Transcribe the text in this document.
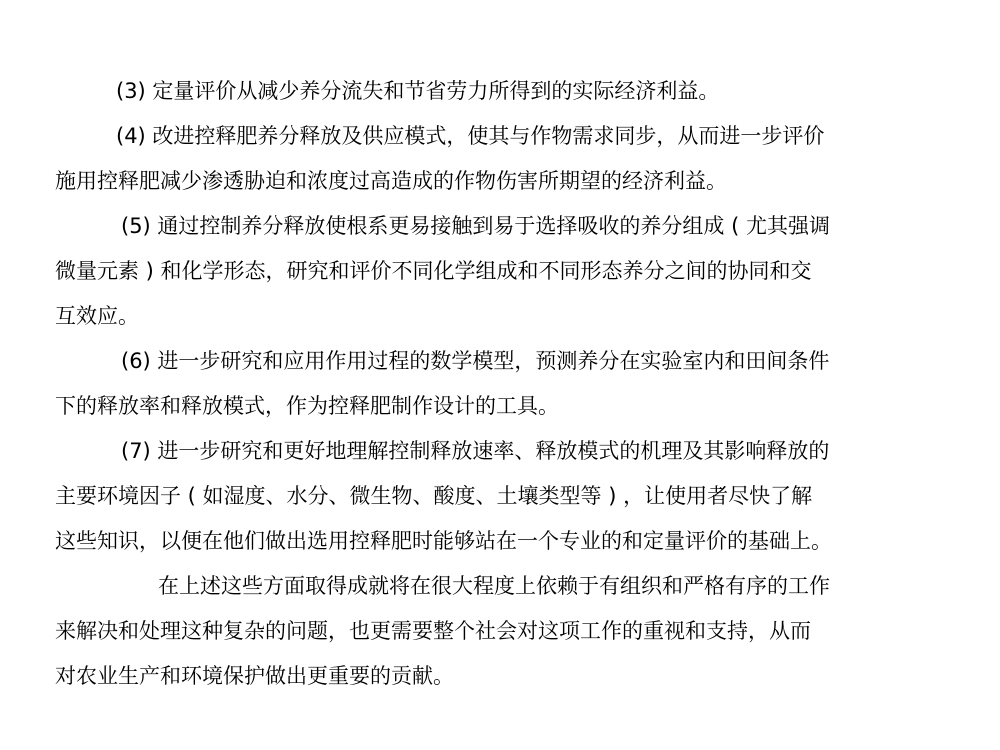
(3) 定量评价从减少养分流失和节省劳力所得到的实际经济利益。
(4) 改进控释肥养分释放及供应模式，使其与作物需求同步，从而进一步评价
施用控释肥减少渗透胁迫和浓度过高造成的作物伤害所期望的经济利益。
(5) 通过控制养分释放使根系更易接触到易于选择吸收的养分组成 ( 尤其强调
微量元素 ) 和化学形态，研究和评价不同化学组成和不同形态养分之间的协同和交
互效应。
(6) 进一步研究和应用作用过程的数学模型，预测养分在实验室内和田间条件
下的释放率和释放模式，作为控释肥制作设计的工具。
(7) 进一步研究和更好地理解控制释放速率、释放模式的机理及其影响释放的
主要环境因子 ( 如湿度、水分、微生物、酸度、土壤类型等 ) ，让使用者尽快了解
这些知识，以便在他们做出选用控释肥时能够站在一个专业的和定量评价的基础上。
在上述这些方面取得成就将在很大程度上依赖于有组织和严格有序的工作
来解决和处理这种复杂的问题，也更需要整个社会对这项工作的重视和支持，从而
对农业生产和环境保护做出更重要的贡献。
